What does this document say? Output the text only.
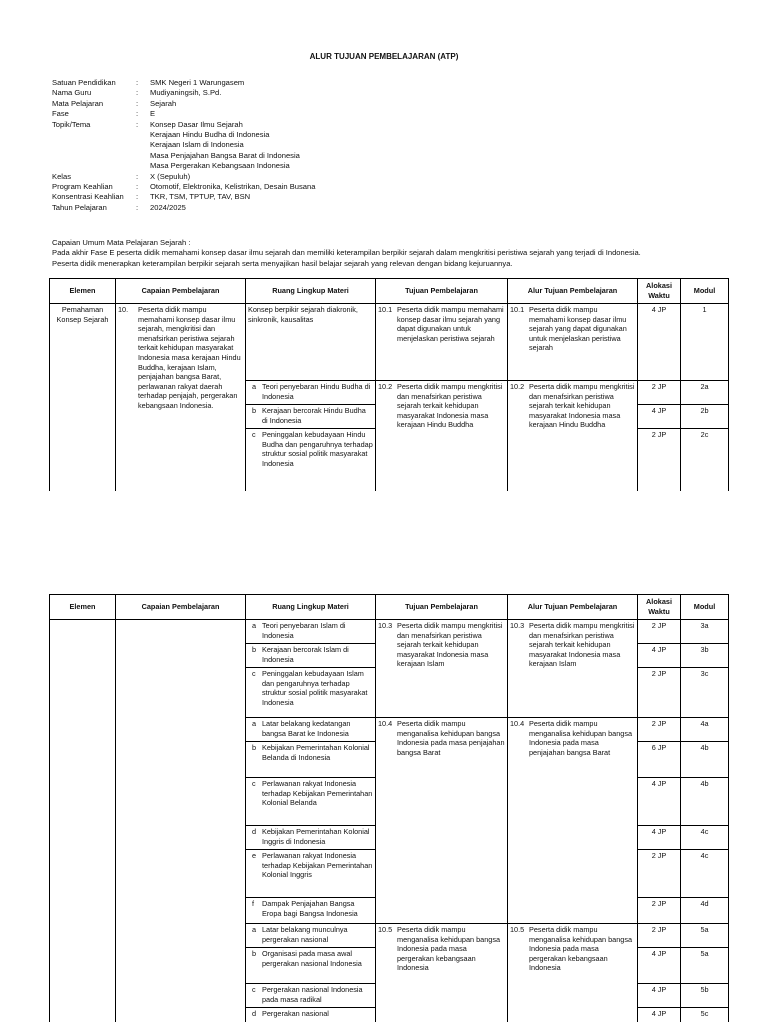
ALUR TUJUAN PEMBELAJARAN (ATP)
Satuan Pendidikan	:	SMK Negeri 1 Warungasem
Nama Guru	:	Mudiyaningsih, S.Pd.
Mata Pelajaran	:	Sejarah
Fase	:	E
Topik/Tema	:	Konsep Dasar Ilmu Sejarah
Kerajaan Hindu Budha di Indonesia
Kerajaan Islam di Indonesia
Masa Penjajahan Bangsa Barat di Indonesia
Masa Pergerakan Kebangsaan Indonesia
Kelas	:	X (Sepuluh)
Program Keahlian	:	Otomotif, Elektronika, Kelistrikan, Desain Busana
Konsentrasi Keahlian	:	TKR, TSM, TPTUP, TAV, BSN
Tahun Pelajaran	:	2024/2025
Capaian Umum Mata Pelajaran Sejarah :
Pada akhir Fase E peserta didik memahami konsep dasar ilmu sejarah dan memiliki keterampilan berpikir sejarah dalam mengkritisi peristiwa sejarah yang terjadi di Indonesia.
Peserta didik menerapkan keterampilan berpikir sejarah serta menyajikan hasil belajar sejarah yang relevan dengan bidang kejuruannya.
Elemen	Capaian Pembelajaran	Ruang Lingkup Materi	Tujuan Pembelajaran	Alur Tujuan Pembelajaran	Alokasi Waktu	Modul
Pemahaman Konsep Sejarah	10. Peserta didik mampu memahami konsep dasar ilmu sejarah, mengkritisi dan menafsirkan peristiwa sejarah terkait kehidupan masyarakat Indonesia masa kerajaan Hindu Buddha, kerajaan Islam, penjajahan bangsa Barat, perlawanan rakyat daerah terhadap penjajah, pergerakan kebangsaan Indonesia.	Konsep berpikir sejarah diakronik, sinkronik, kausalitas	10.1 Peserta didik mampu memahami konsep dasar ilmu sejarah yang dapat digunakan untuk menjelaskan peristiwa sejarah	10.1 Peserta didik mampu memahami konsep dasar ilmu sejarah yang dapat digunakan untuk menjelaskan peristiwa sejarah	4 JP	1

		a Teori penyebaran Hindu Budha di Indonesia	10.2 Peserta didik mampu mengkritisi dan menafsirkan peristiwa sejarah terkait kehidupan masyarakat Indonesia masa kerajaan Hindu Buddha	10.2 Peserta didik mampu mengkritisi dan menafsirkan peristiwa sejarah terkait kehidupan masyarakat Indonesia masa kerajaan Hindu Buddha	2 JP	2a

		b Kerajaan bercorak Hindu Budha di Indonesia			4 JP	2b

		c Peninggalan kebudayaan Hindu Budha dan pengaruhnya terhadap struktur sosial politik masyarakat Indonesia			2 JP	2c
Elemen	Capaian Pembelajaran	Ruang Lingkup Materi	Tujuan Pembelajaran	Alur Tujuan Pembelajaran	Alokasi Waktu	Modul

		a Teori penyebaran Islam di Indonesia	10.3 Peserta didik mampu mengkritisi dan menafsirkan peristiwa sejarah terkait kehidupan masyarakat Indonesia masa kerajaan Islam	10.3 Peserta didik mampu mengkritisi dan menafsirkan peristiwa sejarah terkait kehidupan masyarakat Indonesia masa kerajaan Islam	2 JP	3a

		b Kerajaan bercorak Islam di Indonesia			4 JP	3b

		c Peninggalan kebudayaan Islam dan pengaruhnya terhadap struktur sosial politik masyarakat Indonesia			2 JP	3c

		a Latar belakang kedatangan bangsa Barat ke Indonesia	10.4 Peserta didik mampu menganalisa kehidupan bangsa Indonesia pada masa penjajahan bangsa Barat	10.4 Peserta didik mampu menganalisa kehidupan bangsa Indonesia pada masa penjajahan bangsa Barat	2 JP	4a

		b Kebijakan Pemerintahan Kolonial Belanda di Indonesia			6 JP	4b

		c Perlawanan rakyat Indonesia terhadap Kebijakan Pemerintahan Kolonial Belanda			4 JP	4b

		d Kebijakan Pemerintahan Kolonial Inggris di Indonesia			4 JP	4c

		e Perlawanan rakyat Indonesia terhadap Kebijakan Pemerintahan Kolonial Inggris			2 JP	4c

		f Dampak Penjajahan Bangsa Eropa bagi Bangsa Indonesia			2 JP	4d

		a Latar belakang munculnya pergerakan nasional	10.5 Peserta didik mampu menganalisa kehidupan bangsa Indonesia pada masa pergerakan kebangsaan Indonesia	10.5 Peserta didik mampu menganalisa kehidupan bangsa Indonesia pada masa pergerakan kebangsaan Indonesia	2 JP	5a

		b Organisasi pada masa awal pergerakan nasional Indonesia			4 JP	5a

		c Pergerakan nasional Indonesia pada masa radikal			4 JP	5b

		d Pergerakan nasional			4 JP	5c
